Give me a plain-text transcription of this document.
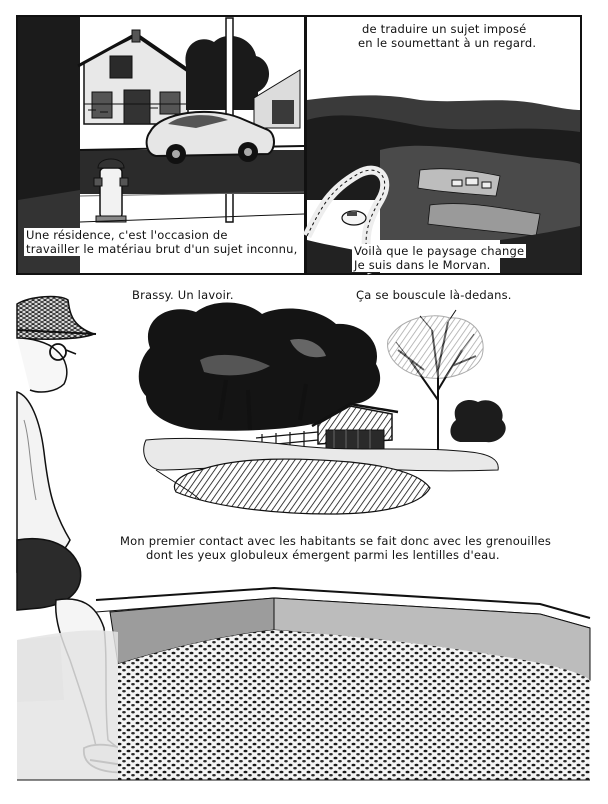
Une résidence, c'est l'occasion de
travailler le matériau brut d'un sujet inconnu,
de traduire un sujet imposé
en le soumettant à un regard.
Voilà que le paysage change
Je suis dans le Morvan.
Brassy. Un lavoir.	Ça se bouscule là-dedans.
Mon premier contact avec les habitants se fait donc avec les grenouilles
dont les yeux globuleux émergent parmi les lentilles d'eau.
